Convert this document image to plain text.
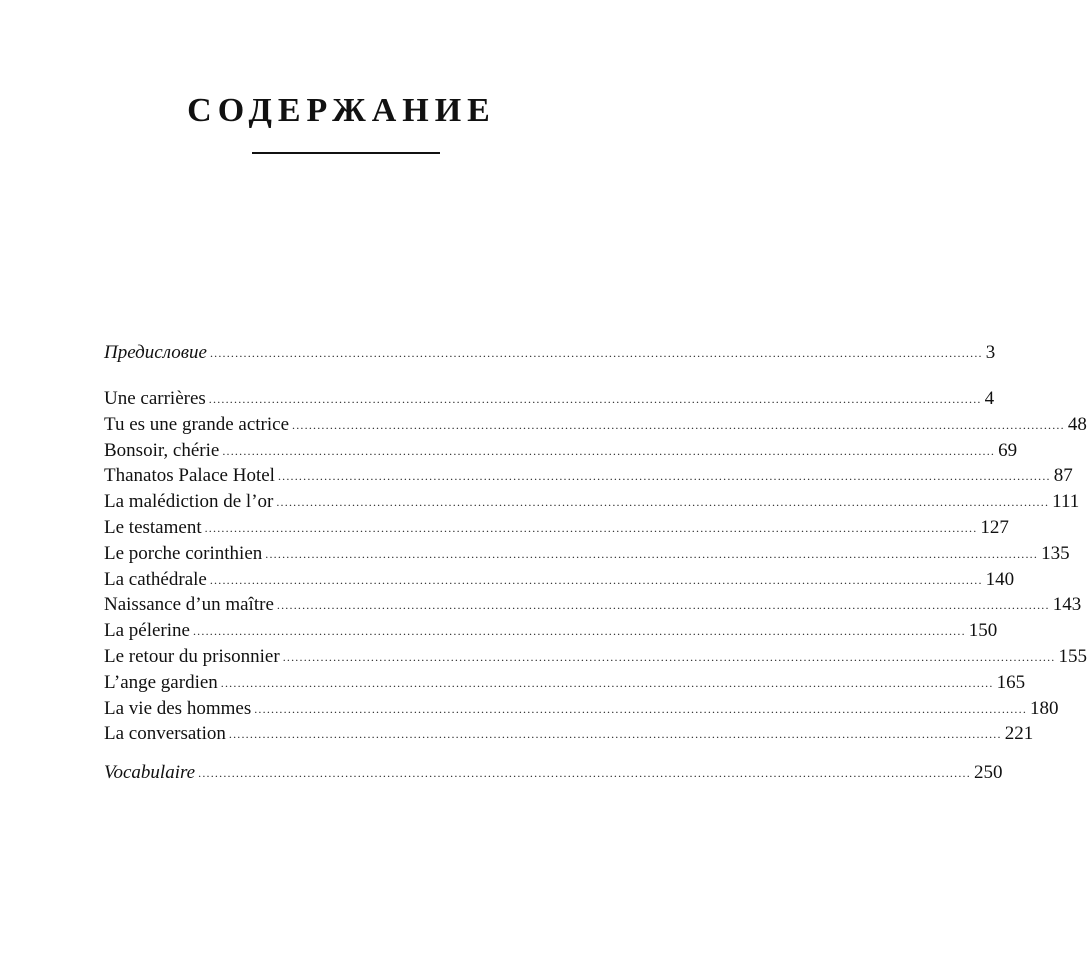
СОДЕРЖАНИЕ
Предисловие ........................................................................................................................................................................................ 3
Une carrières ........................................................................................................................................................................................ 4
Tu es une grande actrice ........................................................................................................................................................................................ 48
Bonsoir, chérie ........................................................................................................................................................................................ 69
Thanatos Palace Hotel ........................................................................................................................................................................................ 87
La malédiction de l’or ........................................................................................................................................................................................ 111
Le testament ........................................................................................................................................................................................ 127
Le porche corinthien ........................................................................................................................................................................................ 135
La cathédrale ........................................................................................................................................................................................ 140
Naissance d’un maître ........................................................................................................................................................................................ 143
La pélerine ........................................................................................................................................................................................ 150
Le retour du prisonnier ........................................................................................................................................................................................ 155
L’ange gardien ........................................................................................................................................................................................ 165
La vie des hommes ........................................................................................................................................................................................ 180
La conversation ........................................................................................................................................................................................ 221
Vocabulaire ........................................................................................................................................................................................ 250
